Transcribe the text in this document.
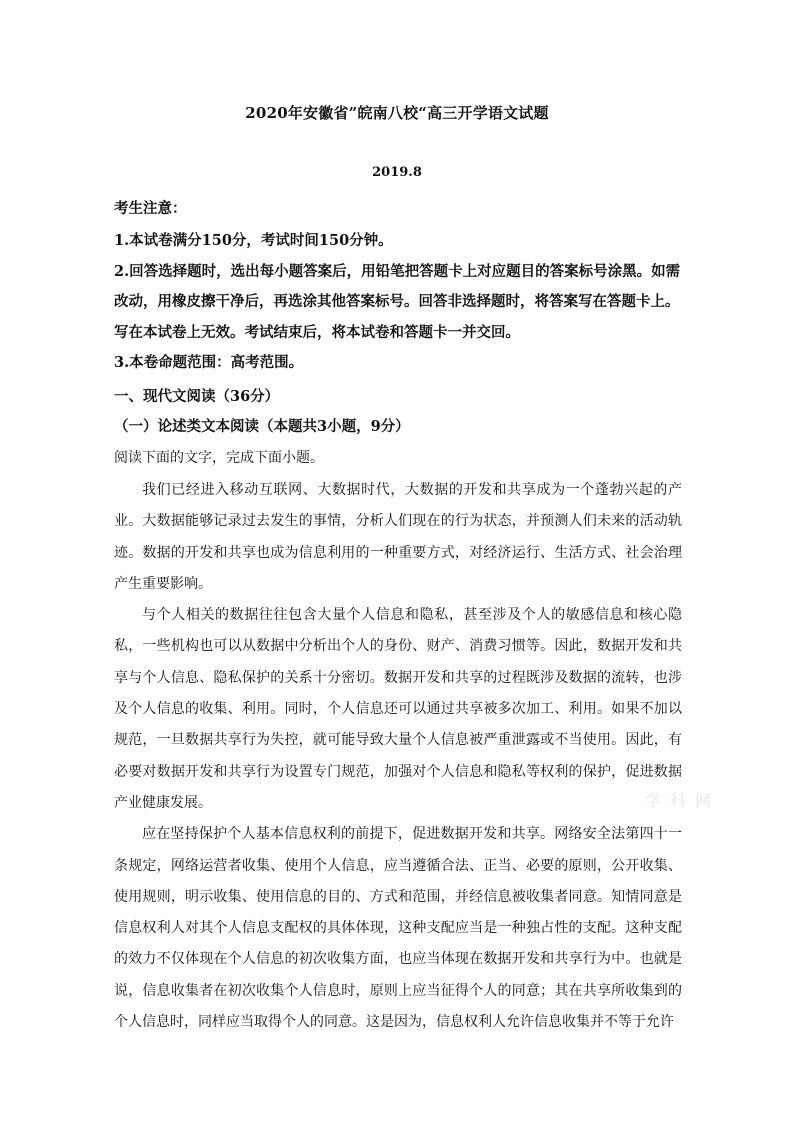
2020年安徽省”皖南八校“高三开学语文试题
2019.8
考生注意：

1.本试卷满分150分，考试时间150分钟。

2.回答选择题时，选出每小题答案后，用铅笔把答题卡上对应题目的答案标号涂黑。如需改动，用橡皮擦干净后，再选涂其他答案标号。回答非选择题时，将答案写在答题卡上。写在本试卷上无效。考试结束后，将本试卷和答题卡一并交回。

3.本卷命题范围：高考范围。

一、现代文阅读（36分）

（一）论述类文本阅读（本题共3小题，9分）

阅读下面的文字，完成下面小题。

我们已经进入移动互联网、大数据时代，大数据的开发和共享成为一个蓬勃兴起的产业。大数据能够记录过去发生的事情，分析人们现在的行为状态，并预测人们未来的活动轨迹。数据的开发和共享也成为信息利用的一种重要方式，对经济运行、生活方式、社会治理产生重要影响。

与个人相关的数据往往包含大量个人信息和隐私，甚至涉及个人的敏感信息和核心隐私，一些机构也可以从数据中分析出个人的身份、财产、消费习惯等。因此，数据开发和共享与个人信息、隐私保护的关系十分密切。数据开发和共享的过程既涉及数据的流转，也涉及个人信息的收集、利用。同时，个人信息还可以通过共享被多次加工、利用。如果不加以规范，一旦数据共享行为失控，就可能导致大量个人信息被严重泄露或不当使用。因此，有必要对数据开发和共享行为设置专门规范，加强对个人信息和隐私等权利的保护，促进数据产业健康发展。

应在坚持保护个人基本信息权利的前提下，促进数据开发和共享。网络安全法第四十一条规定，网络运营者收集、使用个人信息，应当遵循合法、正当、必要的原则，公开收集、使用规则，明示收集、使用信息的目的、方式和范围，并经信息被收集者同意。知情同意是信息权利人对其个人信息支配权的具体体现，这种支配应当是一种独占性的支配。这种支配的效力不仅体现在个人信息的初次收集方面，也应当体现在数据开发和共享行为中。也就是说，信息收集者在初次收集个人信息时，原则上应当征得个人的同意；其在共享所收集到的个人信息时，同样应当取得个人的同意。这是因为，信息权利人允许信息收集并不等于允许

学 科 网
